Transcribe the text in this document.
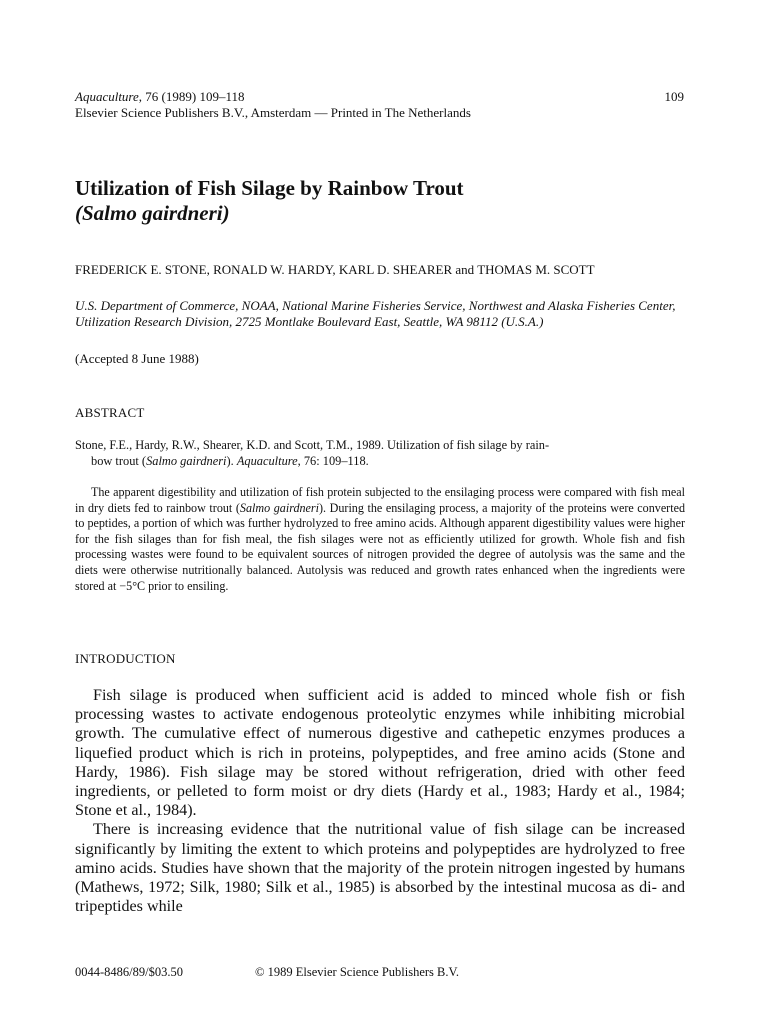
Aquaculture, 76 (1989) 109–118	109
Elsevier Science Publishers B.V., Amsterdam — Printed in The Netherlands
Utilization of Fish Silage by Rainbow Trout
(Salmo gairdneri)
FREDERICK E. STONE, RONALD W. HARDY, KARL D. SHEARER and THOMAS M. SCOTT
U.S. Department of Commerce, NOAA, National Marine Fisheries Service, Northwest and Alaska Fisheries Center, Utilization Research Division, 2725 Montlake Boulevard East, Seattle, WA 98112 (U.S.A.)
(Accepted 8 June 1988)
ABSTRACT
Stone, F.E., Hardy, R.W., Shearer, K.D. and Scott, T.M., 1989. Utilization of fish silage by rain-
bow trout (Salmo gairdneri). Aquaculture, 76: 109–118.
The apparent digestibility and utilization of fish protein subjected to the ensilaging process were compared with fish meal in dry diets fed to rainbow trout (Salmo gairdneri). During the ensilaging process, a majority of the proteins were converted to peptides, a portion of which was further hydrolyzed to free amino acids. Although apparent digestibility values were higher for the fish silages than for fish meal, the fish silages were not as efficiently utilized for growth. Whole fish and fish processing wastes were found to be equivalent sources of nitrogen provided the degree of autolysis was the same and the diets were otherwise nutritionally balanced. Autolysis was reduced and growth rates enhanced when the ingredients were stored at −5°C prior to ensiling.
INTRODUCTION

Fish silage is produced when sufficient acid is added to minced whole fish or fish processing wastes to activate endogenous proteolytic enzymes while inhibiting microbial growth. The cumulative effect of numerous digestive and cathepetic enzymes produces a liquefied product which is rich in proteins, polypeptides, and free amino acids (Stone and Hardy, 1986). Fish silage may be stored without refrigeration, dried with other feed ingredients, or pelleted to form moist or dry diets (Hardy et al., 1983; Hardy et al., 1984; Stone et al., 1984).

There is increasing evidence that the nutritional value of fish silage can be increased significantly by limiting the extent to which proteins and polypeptides are hydrolyzed to free amino acids. Studies have shown that the majority of the protein nitrogen ingested by humans (Mathews, 1972; Silk, 1980; Silk et al., 1985) is absorbed by the intestinal mucosa as di- and tripeptides while

0044-8486/89/$03.50	© 1989 Elsevier Science Publishers B.V.
